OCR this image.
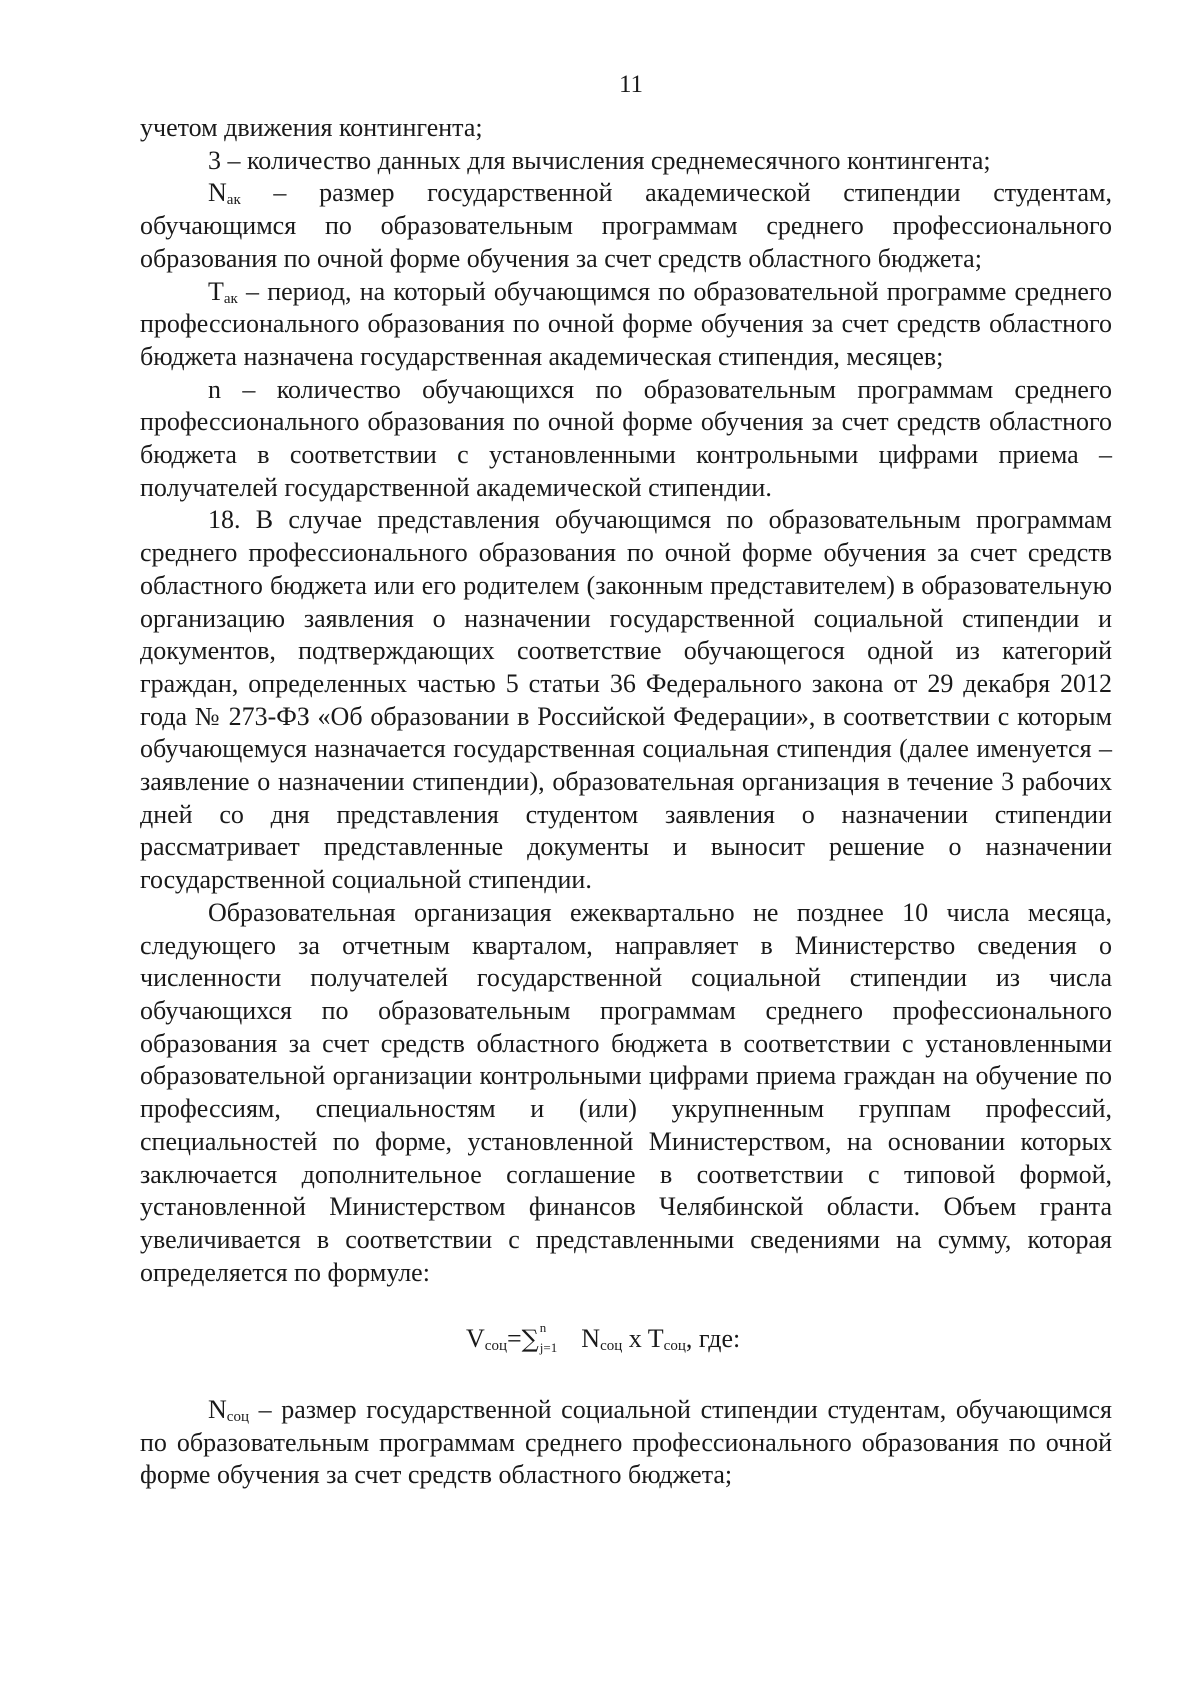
11

учетом движения контингента;

3 – количество данных для вычисления среднемесячного контингента;

$N_{ак}$ – размер государственной академической стипендии студентам, обучающимся по образовательным программам среднего профессионального образования по очной форме обучения за счет средств областного бюджета;

$T_{ак}$ – период, на который обучающимся по образовательной программе среднего профессионального образования по очной форме обучения за счет средств областного бюджета назначена государственная академическая стипендия, месяцев;

n – количество обучающихся по образовательным программам среднего профессионального образования по очной форме обучения за счет средств областного бюджета в соответствии с установленными контрольными цифрами приема – получателей государственной академической стипендии.

18. В случае представления обучающимся по образовательным программам среднего профессионального образования по очной форме обучения за счет средств областного бюджета или его родителем (законным представителем) в образовательную организацию заявления о назначении государственной социальной стипендии и документов, подтверждающих соответствие обучающегося одной из категорий граждан, определенных частью 5 статьи 36 Федерального закона от 29 декабря 2012 года № 273-ФЗ «Об образовании в Российской Федерации», в соответствии с которым обучающемуся назначается государственная социальная стипендия (далее именуется – заявление о назначении стипендии), образовательная организация в течение 3 рабочих дней со дня представления студентом заявления о назначении стипендии рассматривает представленные документы и выносит решение о назначении государственной социальной стипендии.

Образовательная организация ежеквартально не позднее 10 числа месяца, следующего за отчетным кварталом, направляет в Министерство сведения о численности получателей государственной социальной стипендии из числа обучающихся по образовательным программам среднего профессионального образования за счет средств областного бюджета в соответствии с установленными образовательной организации контрольными цифрами приема граждан на обучение по профессиям, специальностям и (или) укрупненным группам профессий, специальностей по форме, установленной Министерством, на основании которых заключается дополнительное соглашение в соответствии с типовой формой, установленной Министерством финансов Челябинской области. Объем гранта увеличивается в соответствии с представленными сведениями на сумму, которая определяется по формуле:

$V_{соц}=\sum$ n
j=1 $N_{соц}$ x $T_{соц}$, где:

$N_{соц}$ – размер государственной социальной стипендии студентам, обучающимся по образовательным программам среднего профессионального образования по очной форме обучения за счет средств областного бюджета;
